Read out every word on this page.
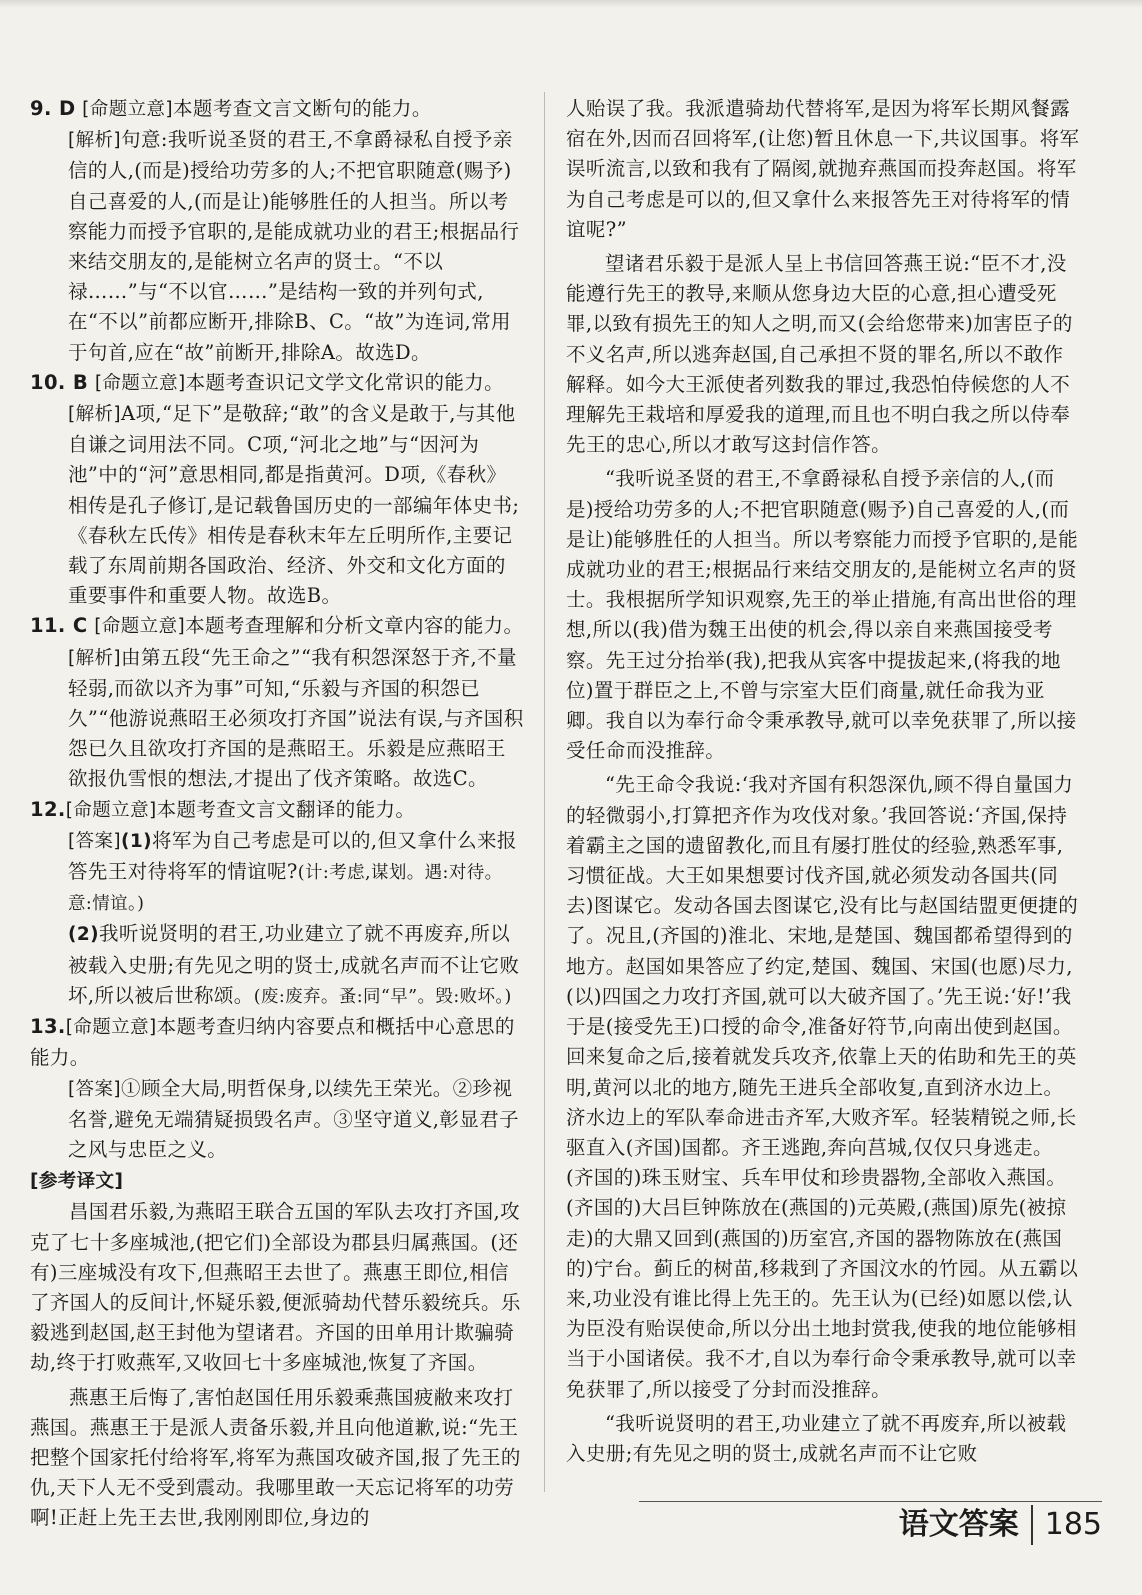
9. D [命题立意]本题考查文言文断句的能力。
[解析]句意:我听说圣贤的君王,不拿爵禄私自授予亲信的人,(而是)授给功劳多的人;不把官职随意(赐予)自己喜爱的人,(而是让)能够胜任的人担当。所以考察能力而授予官职的,是能成就功业的君王;根据品行来结交朋友的,是能树立名声的贤士。“不以禄……”与“不以官……”是结构一致的并列句式,在“不以”前都应断开,排除B、C。“故”为连词,常用于句首,应在“故”前断开,排除A。故选D。
10. B [命题立意]本题考查识记文学文化常识的能力。
[解析]A项,“足下”是敬辞;“敢”的含义是敢于,与其他自谦之词用法不同。C项,“河北之地”与“因河为池”中的“河”意思相同,都是指黄河。D项,《春秋》相传是孔子修订,是记载鲁国历史的一部编年体史书;《春秋左氏传》相传是春秋末年左丘明所作,主要记载了东周前期各国政治、经济、外交和文化方面的重要事件和重要人物。故选B。
11. C [命题立意]本题考查理解和分析文章内容的能力。
[解析]由第五段“先王命之”“我有积怨深怒于齐,不量轻弱,而欲以齐为事”可知,“乐毅与齐国的积怨已久”“他游说燕昭王必须攻打齐国”说法有误,与齐国积怨已久且欲攻打齐国的是燕昭王。乐毅是应燕昭王欲报仇雪恨的想法,才提出了伐齐策略。故选C。
12.[命题立意]本题考查文言文翻译的能力。
[答案](1)将军为自己考虑是可以的,但又拿什么来报答先王对待将军的情谊呢?(计:考虑,谋划。遇:对待。意:情谊。)
(2)我听说贤明的君王,功业建立了就不再废弃,所以被载入史册;有先见之明的贤士,成就名声而不让它败坏,所以被后世称颂。(废:废弃。蚤:同“早”。毁:败坏。)
13.[命题立意]本题考查归纳内容要点和概括中心意思的能力。
[答案]①顾全大局,明哲保身,以续先王荣光。②珍视名誉,避免无端猜疑损毁名声。③坚守道义,彰显君子之风与忠臣之义。
[参考译文]

昌国君乐毅,为燕昭王联合五国的军队去攻打齐国,攻克了七十多座城池,(把它们)全部设为郡县归属燕国。(还有)三座城没有攻下,但燕昭王去世了。燕惠王即位,相信了齐国人的反间计,怀疑乐毅,便派骑劫代替乐毅统兵。乐毅逃到赵国,赵王封他为望诸君。齐国的田单用计欺骗骑劫,终于打败燕军,又收回七十多座城池,恢复了齐国。

燕惠王后悔了,害怕赵国任用乐毅乘燕国疲敝来攻打燕国。燕惠王于是派人责备乐毅,并且向他道歉,说:“先王把整个国家托付给将军,将军为燕国攻破齐国,报了先王的仇,天下人无不受到震动。我哪里敢一天忘记将军的功劳啊!正赶上先王去世,我刚刚即位,身边的

人贻误了我。我派遣骑劫代替将军,是因为将军长期风餐露宿在外,因而召回将军,(让您)暂且休息一下,共议国事。将军误听流言,以致和我有了隔阂,就抛弃燕国而投奔赵国。将军为自己考虑是可以的,但又拿什么来报答先王对待将军的情谊呢?”

望诸君乐毅于是派人呈上书信回答燕王说:“臣不才,没能遵行先王的教导,来顺从您身边大臣的心意,担心遭受死罪,以致有损先王的知人之明,而又(会给您带来)加害臣子的不义名声,所以逃奔赵国,自己承担不贤的罪名,所以不敢作解释。如今大王派使者列数我的罪过,我恐怕侍候您的人不理解先王栽培和厚爱我的道理,而且也不明白我之所以侍奉先王的忠心,所以才敢写这封信作答。

“我听说圣贤的君王,不拿爵禄私自授予亲信的人,(而是)授给功劳多的人;不把官职随意(赐予)自己喜爱的人,(而是让)能够胜任的人担当。所以考察能力而授予官职的,是能成就功业的君王;根据品行来结交朋友的,是能树立名声的贤士。我根据所学知识观察,先王的举止措施,有高出世俗的理想,所以(我)借为魏王出使的机会,得以亲自来燕国接受考察。先王过分抬举(我),把我从宾客中提拔起来,(将我的地位)置于群臣之上,不曾与宗室大臣们商量,就任命我为亚卿。我自以为奉行命令秉承教导,就可以幸免获罪了,所以接受任命而没推辞。

“先王命令我说:‘我对齐国有积怨深仇,顾不得自量国力的轻微弱小,打算把齐作为攻伐对象。’我回答说:‘齐国,保持着霸主之国的遗留教化,而且有屡打胜仗的经验,熟悉军事,习惯征战。大王如果想要讨伐齐国,就必须发动各国共(同去)图谋它。发动各国去图谋它,没有比与赵国结盟更便捷的了。况且,(齐国的)淮北、宋地,是楚国、魏国都希望得到的地方。赵国如果答应了约定,楚国、魏国、宋国(也愿)尽力,(以)四国之力攻打齐国,就可以大破齐国了。’先王说:‘好!’我于是(接受先王)口授的命令,准备好符节,向南出使到赵国。回来复命之后,接着就发兵攻齐,依靠上天的佑助和先王的英明,黄河以北的地方,随先王进兵全部收复,直到济水边上。济水边上的军队奉命进击齐军,大败齐军。轻装精锐之师,长驱直入(齐国)国都。齐王逃跑,奔向莒城,仅仅只身逃走。(齐国的)珠玉财宝、兵车甲仗和珍贵器物,全部收入燕国。(齐国的)大吕巨钟陈放在(燕国的)元英殿,(燕国)原先(被掠走)的大鼎又回到(燕国的)历室宫,齐国的器物陈放在(燕国的)宁台。蓟丘的树苗,移栽到了齐国汶水的竹园。从五霸以来,功业没有谁比得上先王的。先王认为(已经)如愿以偿,认为臣没有贻误使命,所以分出土地封赏我,使我的地位能够相当于小国诸侯。我不才,自以为奉行命令秉承教导,就可以幸免获罪了,所以接受了分封而没推辞。

“我听说贤明的君王,功业建立了就不再废弃,所以被载入史册;有先见之明的贤士,成就名声而不让它败

语文答案 185
